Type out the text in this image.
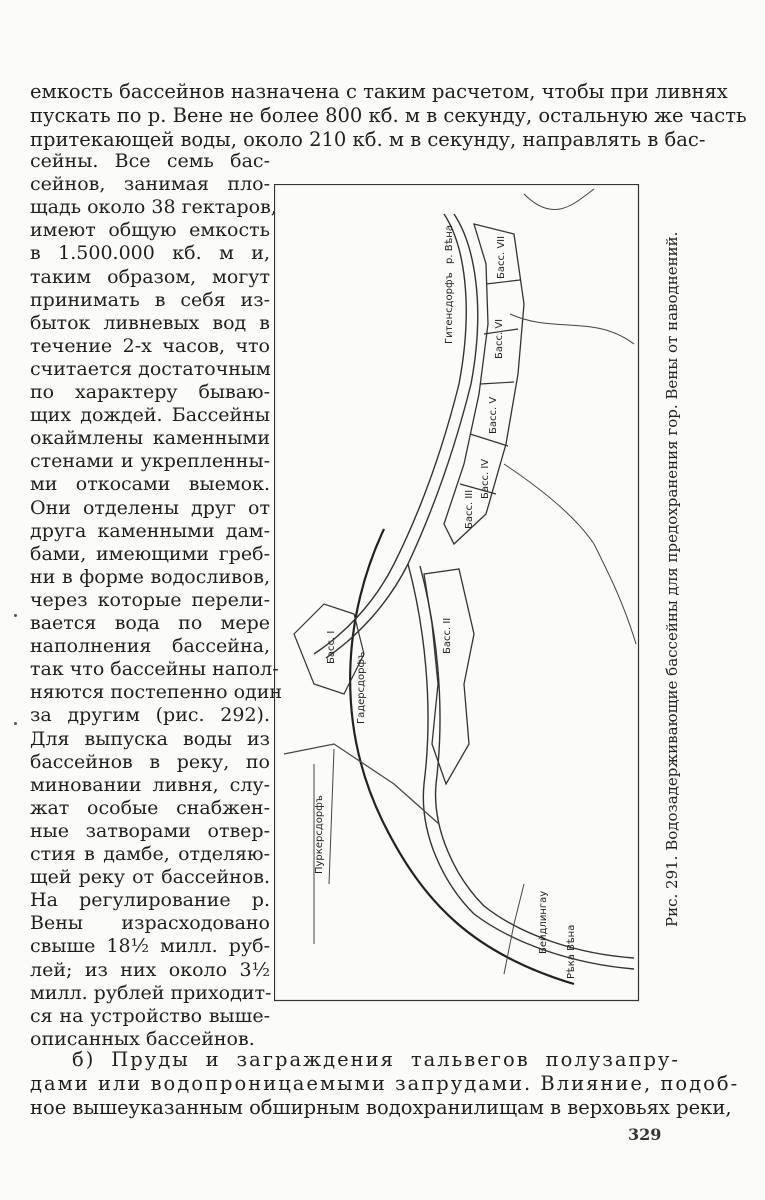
емкость бассейнов назначена с таким расчетом, чтобы при ливнях
пускать по р. Вене не более 800 кб. м в секунду, остальную же часть
притекающей воды, около 210 кб. м в секунду, направлять в бас-
сейны. Все семь бас-
сейнов, занимая пло-
щадь около 38 гектаров,
имеют общую емкость
в 1.500.000 кб. м и,
таким образом, могут
принимать в себя из-
быток ливневых вод в
течение 2-х часов, что
считается достаточным
по характеру бываю-
щих дождей. Бассейны
окаймлены каменными
стенами и укрепленны-
ми откосами выемок.
Они отделены друг от
друга каменными дам-
бами, имеющими греб-
ни в форме водосливов,
через которые перели-
вается вода по мере
наполнения бассейна,
так что бассейны напол-
няются постепенно один
за другим (рис. 292).
Для выпуска воды из
бассейнов в реку, по
миновании ливня, слу-
жат особые снабжен-
ные затворами отвер-
стия в дамбе, отделяю-
щей реку от бассейнов.
На регулирование р.
Вены израсходовано
свыше 18½ милл. руб-
лей; из них около 3½
милл. рублей приходит-
ся на устройство выше-
описанных бассейнов.
Гитенсдорфъ
р. Вѣна
Рѣка Вѣна
Вейдлингау
Гадерсдорфъ
Пуркерсдорфъ
Басс. VII
Басс. VI
Басс. V
Басс. IV
Басс. III
Басс. II
Басс. I	Рис. 291. Водозадерживающие бассейны для предохранения гор. Вены от наводнений.
б) Пруды и заграждения тальвегов полузапру-
дами или водопроницаемыми запрудами. Влияние, подоб-
ное вышеуказанным обширным водохранилищам в верховьях реки,
329
